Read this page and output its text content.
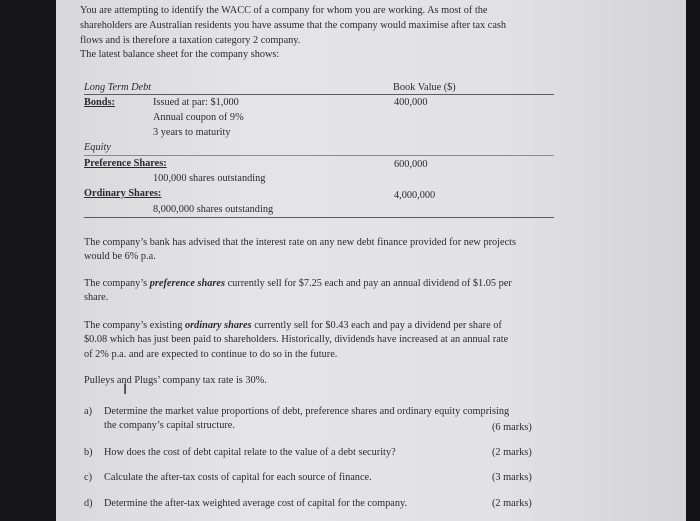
You are attempting to identify the WACC of a company for whom you are working. As most of the
shareholders are Australian residents you have assume that the company would maximise after tax cash
flows and is therefore a taxation category 2 company.
The latest balance sheet for the company shows:
Long Term Debt	Book Value ($)
Bonds:	Issued at par: $1,000	400,000
Annual coupon of 9%
3 years to maturity
Equity
Preference Shares:	600,000
100,000 shares outstanding
Ordinary Shares:	4,000,000
8,000,000 shares outstanding
The company’s bank has advised that the interest rate on any new debt finance provided for new projects
would be 6% p.a.
The company’s preference shares currently sell for $7.25 each and pay an annual dividend of $1.05 per
share.
The company’s existing ordinary shares currently sell for $0.43 each and pay a dividend per share of
$0.08 which has just been paid to shareholders. Historically, dividends have increased at an annual rate
of 2% p.a. and are expected to continue to do so in the future.
Pulleys and Plugs’ company tax rate is 30%.
I
a) Determine the market value proportions of debt, preference shares and ordinary equity comprising
the company’s capital structure.	(6 marks)
b) How does the cost of debt capital relate to the value of a debt security?	(2 marks)
c) Calculate the after-tax costs of capital for each source of finance.	(3 marks)
d) Determine the after-tax weighted average cost of capital for the company.	(2 marks)
